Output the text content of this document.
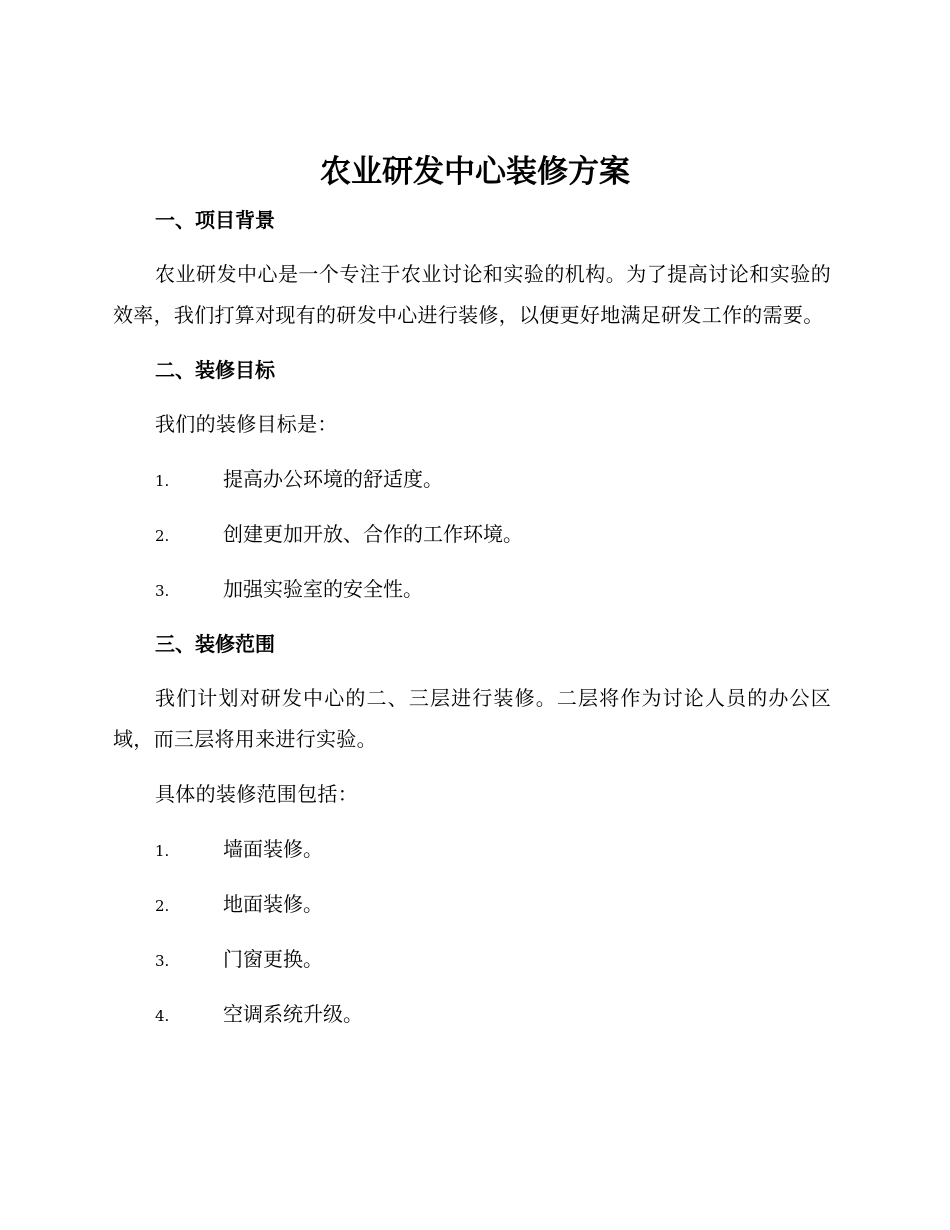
农业研发中心装修方案
一、项目背景

农业研发中心是一个专注于农业讨论和实验的机构。为了提高讨论和实验的效率，我们打算对现有的研发中心进行装修，以便更好地满足研发工作的需要。

二、装修目标

我们的装修目标是：

1.	提高办公环境的舒适度。
2.	创建更加开放、合作的工作环境。
3.	加强实验室的安全性。
三、装修范围

我们计划对研发中心的二、三层进行装修。二层将作为讨论人员的办公区域，而三层将用来进行实验。

具体的装修范围包括：

1.	墙面装修。
2.	地面装修。
3.	门窗更换。
4.	空调系统升级。
